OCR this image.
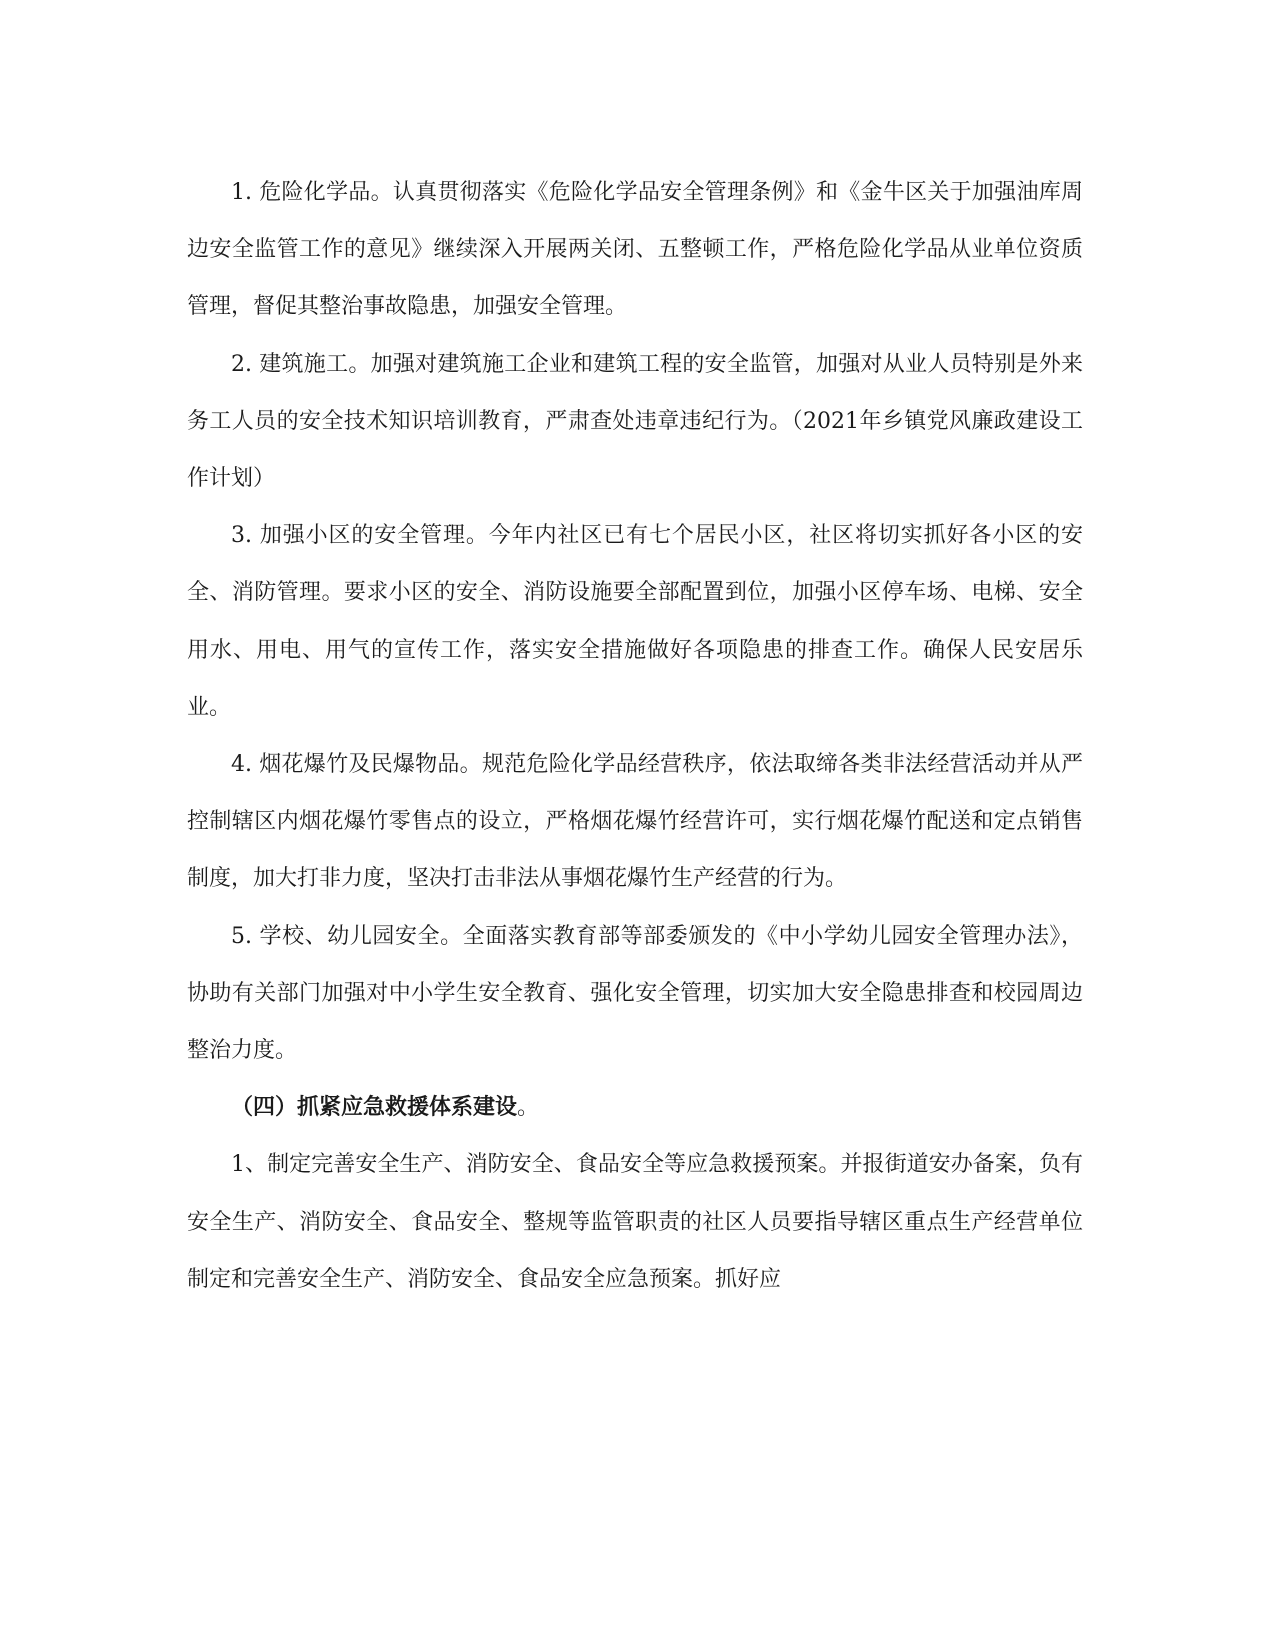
1. 危险化学品。认真贯彻落实《危险化学品安全管理条例》和《金牛区关于加强油库周边安全监管工作的意见》继续深入开展两关闭、五整顿工作，严格危险化学品从业单位资质管理，督促其整治事故隐患，加强安全管理。

2. 建筑施工。加强对建筑施工企业和建筑工程的安全监管，加强对从业人员特别是外来务工人员的安全技术知识培训教育，严肃查处违章违纪行为。（2021年乡镇党风廉政建设工作计划）

3. 加强小区的安全管理。今年内社区已有七个居民小区，社区将切实抓好各小区的安全、消防管理。要求小区的安全、消防设施要全部配置到位，加强小区停车场、电梯、安全用水、用电、用气的宣传工作，落实安全措施做好各项隐患的排查工作。确保人民安居乐业。

4. 烟花爆竹及民爆物品。规范危险化学品经营秩序，依法取缔各类非法经营活动并从严控制辖区内烟花爆竹零售点的设立，严格烟花爆竹经营许可，实行烟花爆竹配送和定点销售制度，加大打非力度，坚决打击非法从事烟花爆竹生产经营的行为。

5. 学校、幼儿园安全。全面落实教育部等部委颁发的《中小学幼儿园安全管理办法》，协助有关部门加强对中小学生安全教育、强化安全管理，切实加大安全隐患排查和校园周边整治力度。

（四）抓紧应急救援体系建设。

1、制定完善安全生产、消防安全、食品安全等应急救援预案。并报街道安办备案，负有安全生产、消防安全、食品安全、整规等监管职责的社区人员要指导辖区重点生产经营单位制定和完善安全生产、消防安全、食品安全应急预案。抓好应
